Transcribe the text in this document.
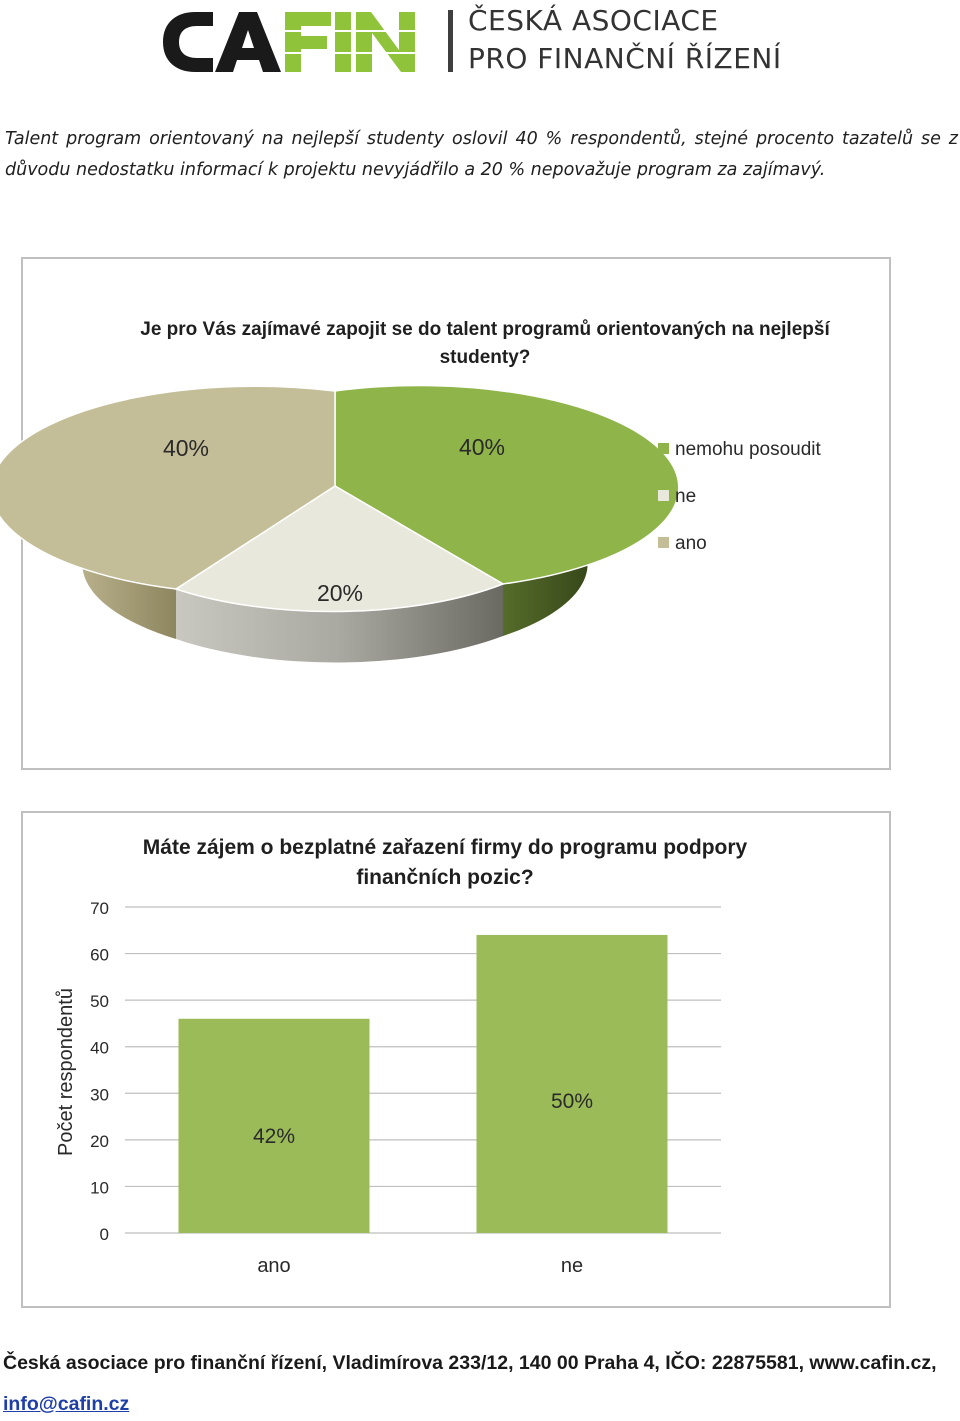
ČESKÁ ASOCIACE
PRO FINANČNÍ ŘÍZENÍ
Talent program orientovaný na nejlepší studenty oslovil 40 % respondentů, stejné procento tazatelů se z důvodu nedostatku informací k projektu nevyjádřilo a 20 % nepovažuje program za zajímavý.
Je pro Vás zajímavé zapojit se do talent programů orientovaných na nejlepší studenty?
40%	40%
20%
nemohu posoudit
ne
ano
Máte zájem o bezplatné zařazení firmy do programu podpory finančních pozic?
0
10
20
30
40
50
60
70
42%
50%
ano	ne
Počet respondentů
Česká asociace pro finanční řízení, Vladimírova 233/12, 140 00 Praha 4, IČO: 22875581, www.cafin.cz,
info@cafin.cz
